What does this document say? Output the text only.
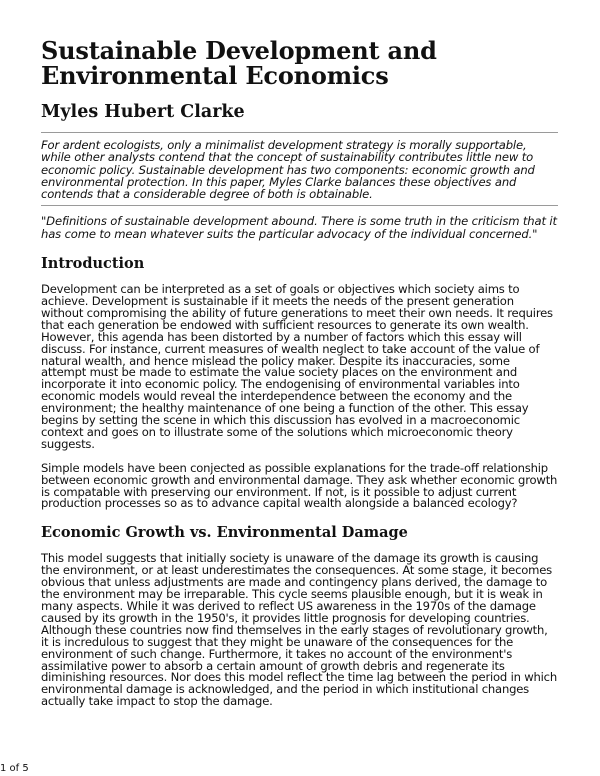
Sustainable Development and Environmental Economics
Myles Hubert Clarke

For ardent ecologists, only a minimalist development strategy is morally supportable, while other analysts contend that the concept of sustainability contributes little new to economic policy. Sustainable development has two components: economic growth and environmental protection. In this paper, Myles Clarke balances these objectives and contends that a considerable degree of both is obtainable.

"Definitions of sustainable development abound. There is some truth in the criticism that it has come to mean whatever suits the particular advocacy of the individual concerned."

Introduction

Development can be interpreted as a set of goals or objectives which society aims to achieve. Development is sustainable if it meets the needs of the present generation without compromising the ability of future generations to meet their own needs. It requires that each generation be endowed with sufficient resources to generate its own wealth. However, this agenda has been distorted by a number of factors which this essay will discuss. For instance, current measures of wealth neglect to take account of the value of natural wealth, and hence mislead the policy maker. Despite its inaccuracies, some attempt must be made to estimate the value society places on the environment and incorporate it into economic policy. The endogenising of environmental variables into economic models would reveal the interdependence between the economy and the environment; the healthy maintenance of one being a function of the other. This essay begins by setting the scene in which this discussion has evolved in a macroeconomic context and goes on to illustrate some of the solutions which microeconomic theory suggests.

Simple models have been conjected as possible explanations for the trade-off relationship between economic growth and environmental damage. They ask whether economic growth is compatable with preserving our environment. If not, is it possible to adjust current production processes so as to advance capital wealth alongside a balanced ecology?

Economic Growth vs. Environmental Damage

This model suggests that initially society is unaware of the damage its growth is causing the environment, or at least underestimates the consequences. At some stage, it becomes obvious that unless adjustments are made and contingency plans derived, the damage to the environment may be irreparable. This cycle seems plausible enough, but it is weak in many aspects. While it was derived to reflect US awareness in the 1970s of the damage caused by its growth in the 1950's, it provides little prognosis for developing countries. Although these countries now find themselves in the early stages of revolutionary growth, it is incredulous to suggest that they might be unaware of the consequences for the environment of such change. Furthermore, it takes no account of the environment's assimilative power to absorb a certain amount of growth debris and regenerate its diminishing resources. Nor does this model reflect the time lag between the period in which environmental damage is acknowledged, and the period in which institutional changes actually take impact to stop the damage.

1 of 5
